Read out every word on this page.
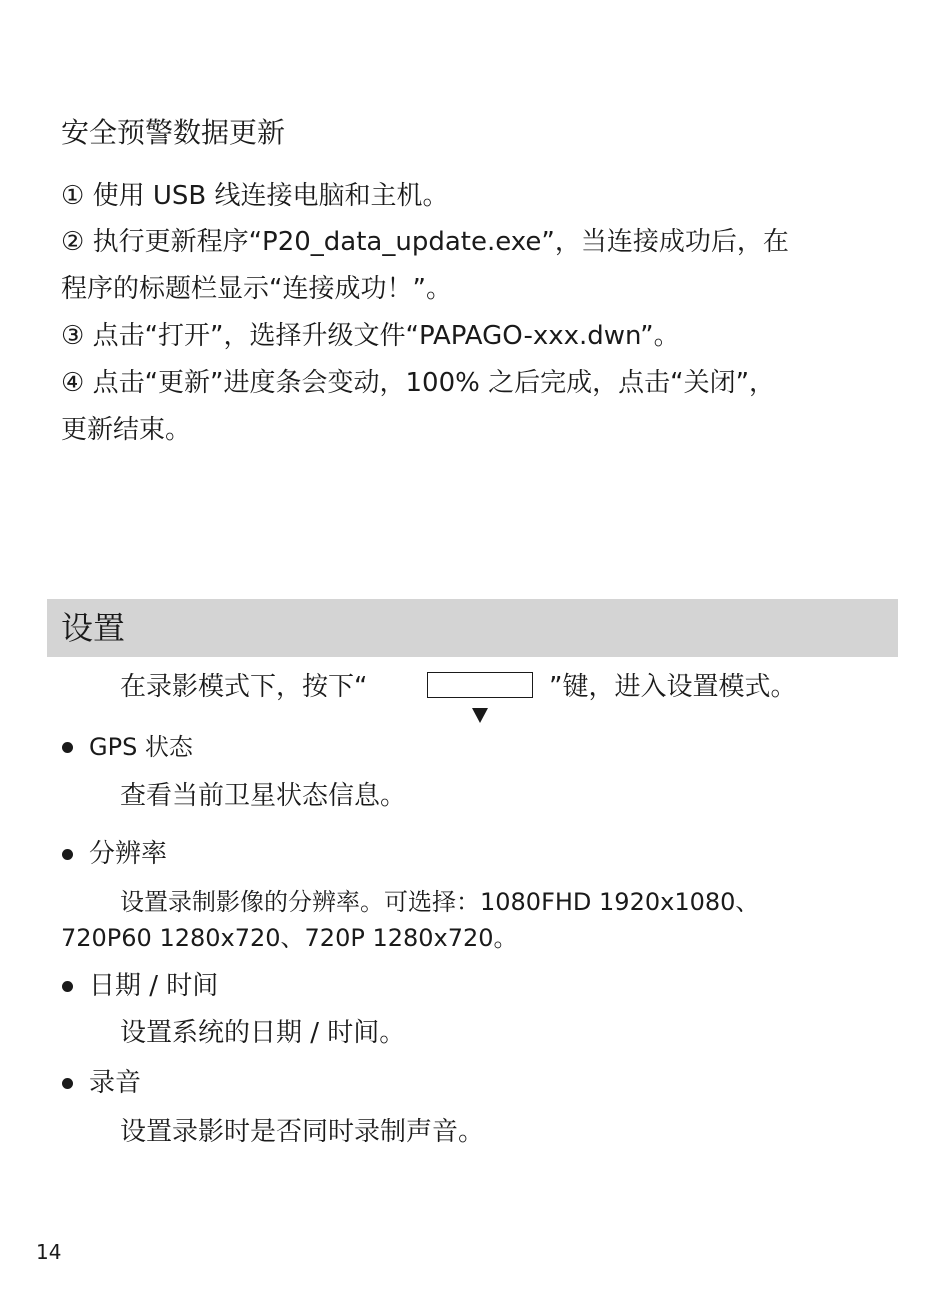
安全预警数据更新
① 使用 USB 线连接电脑和主机。
② 执行更新程序“P20_data_update.exe”，当连接成功后，在
程序的标题栏显示“连接成功！”。
③ 点击“打开”，选择升级文件“PAPAGO-xxx.dwn”。
④ 点击“更新”进度条会变动，100% 之后完成，点击“关闭”，
更新结束。
设置
在录影模式下，按下“	”键，进入设置模式。
GPS 状态
查看当前卫星状态信息。
分辨率
设置录制影像的分辨率。可选择：1080FHD 1920x1080、
720P60 1280x720、720P 1280x720。
日期 / 时间
设置系统的日期 / 时间。
录音
设置录影时是否同时录制声音。
14
